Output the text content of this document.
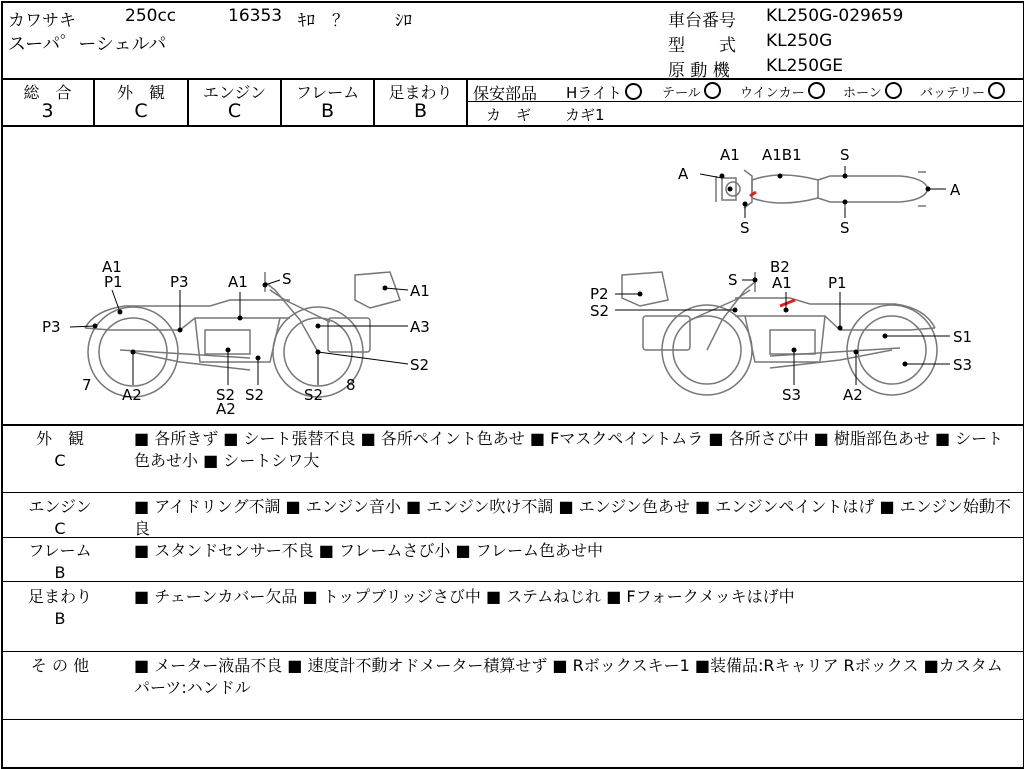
カワサキ	250cc	16353 ｷﾛ ？	ｼﾛ
スーパ゜ーシェルパ
車台番号 KL250G-029659
型　　式 KL250G
原 動 機 KL250GE
総　合
3
外　観
C
エンジン
C
フレーム
B
足まわり
B
保安部品 Hライト	テール	ウインカー	ホーン	バッテリー
カ　ギ カギ1
A1 A1B1	S
A
A
S	S
A1
P1	P3	A1 S
A1
P3	A3
S2
7
A2	S2 S2	S2
8
A2
S
B2
A1 P1
P2
S2
S1
S3
S3	A2
外　観
C
■ 各所きず ■ シート張替不良 ■ 各所ペイント色あせ ■ Fマスクペイントムラ ■ 各所さび中 ■ 樹脂部色あせ ■ シート色あせ小 ■ シートシワ大
エンジン
C
■ アイドリング不調 ■ エンジン音小 ■ エンジン吹け不調 ■ エンジン色あせ ■ エンジンペイントはげ ■ エンジン始動不良
フレーム
B
■ スタンドセンサー不良 ■ フレームさび小 ■ フレーム色あせ中
足まわり
B
■ チェーンカバー欠品 ■ トップブリッジさび中 ■ ステムねじれ ■ Fフォークメッキはげ中
そ の 他	■ メーター液晶不良 ■ 速度計不動オドメーター積算せず ■ Rボックスキー1 ■装備品:Rキャリア Rボックス ■カスタムパーツ:ハンドル
